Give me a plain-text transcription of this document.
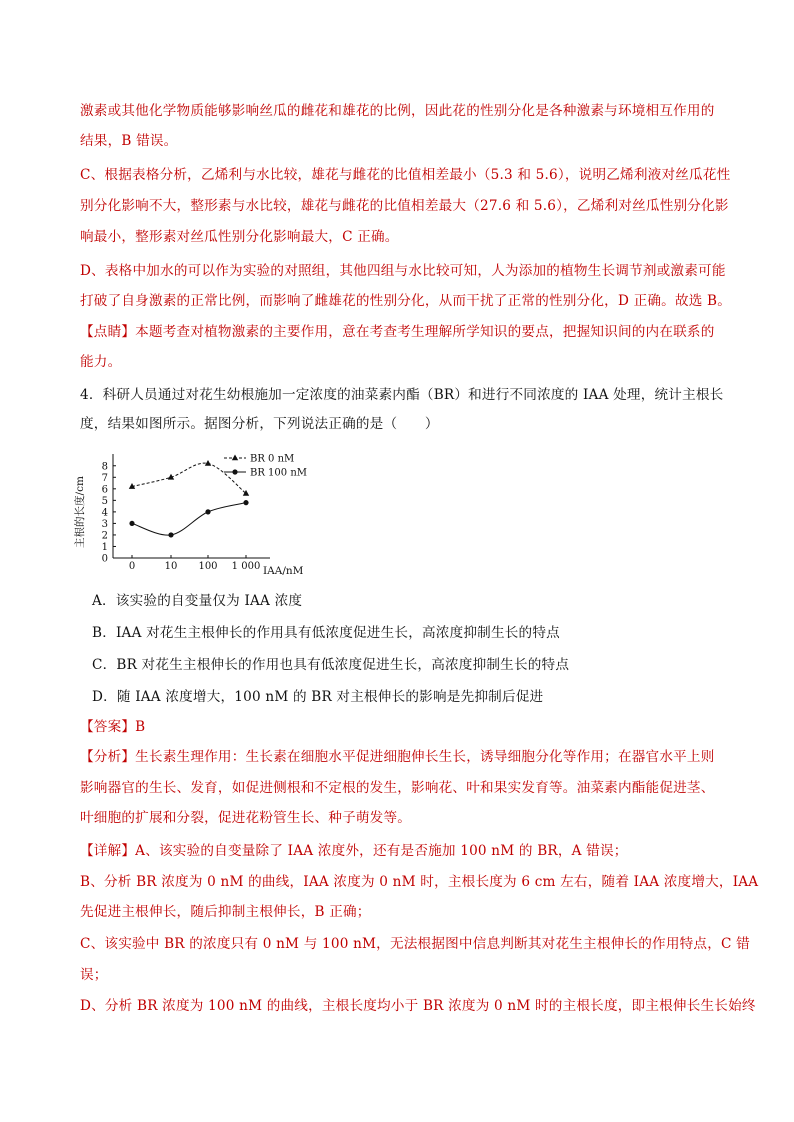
激素或其他化学物质能够影响丝瓜的雌花和雄花的比例，因此花的性别分化是各种激素与环境相互作用的
结果，B 错误。
C、根据表格分析，乙烯利与水比较，雄花与雌花的比值相差最小（5.3 和 5.6），说明乙烯利液对丝瓜花性
别分化影响不大，整形素与水比较，雄花与雌花的比值相差最大（27.6 和 5.6），乙烯利对丝瓜性别分化影
响最小，整形素对丝瓜性别分化影响最大，C 正确。
D、表格中加水的可以作为实验的对照组，其他四组与水比较可知，人为添加的植物生长调节剂或激素可能
打破了自身激素的正常比例，而影响了雌雄花的性别分化，从而干扰了正常的性别分化，D 正确。故选 B。
【点睛】本题考查对植物激素的主要作用，意在考查考生理解所学知识的要点，把握知识间的内在联系的
能力。
4．科研人员通过对花生幼根施加一定浓度的油菜素内酯（BR）和进行不同浓度的 IAA 处理，统计主根长
度，结果如图所示。据图分析，下列说法正确的是（　　）
0
1
2
3
4
5
6
7
8
0	10 100 1 000
BR 0 nM
BR 100 nM
主根的长度/cm
IAA/nM
A．该实验的自变量仅为 IAA 浓度
B．IAA 对花生主根伸长的作用具有低浓度促进生长，高浓度抑制生长的特点
C．BR 对花生主根伸长的作用也具有低浓度促进生长，高浓度抑制生长的特点
D．随 IAA 浓度增大，100 nM 的 BR 对主根伸长的影响是先抑制后促进
【答案】B
【分析】生长素生理作用：生长素在细胞水平促进细胞伸长生长，诱导细胞分化等作用；在器官水平上则
影响器官的生长、发育，如促进侧根和不定根的发生，影响花、叶和果实发育等。油菜素内酯能促进茎、
叶细胞的扩展和分裂，促进花粉管生长、种子萌发等。
【详解】A、该实验的自变量除了 IAA 浓度外，还有是否施加 100 nM 的 BR，A 错误；
B、分析 BR 浓度为 0 nM 的曲线，IAA 浓度为 0 nM 时，主根长度为 6 cm 左右，随着 IAA 浓度增大，IAA
先促进主根伸长，随后抑制主根伸长，B 正确；
C、该实验中 BR 的浓度只有 0 nM 与 100 nM，无法根据图中信息判断其对花生主根伸长的作用特点，C 错
误；
D、分析 BR 浓度为 100 nM 的曲线，主根长度均小于 BR 浓度为 0 nM 时的主根长度，即主根伸长生长始终
